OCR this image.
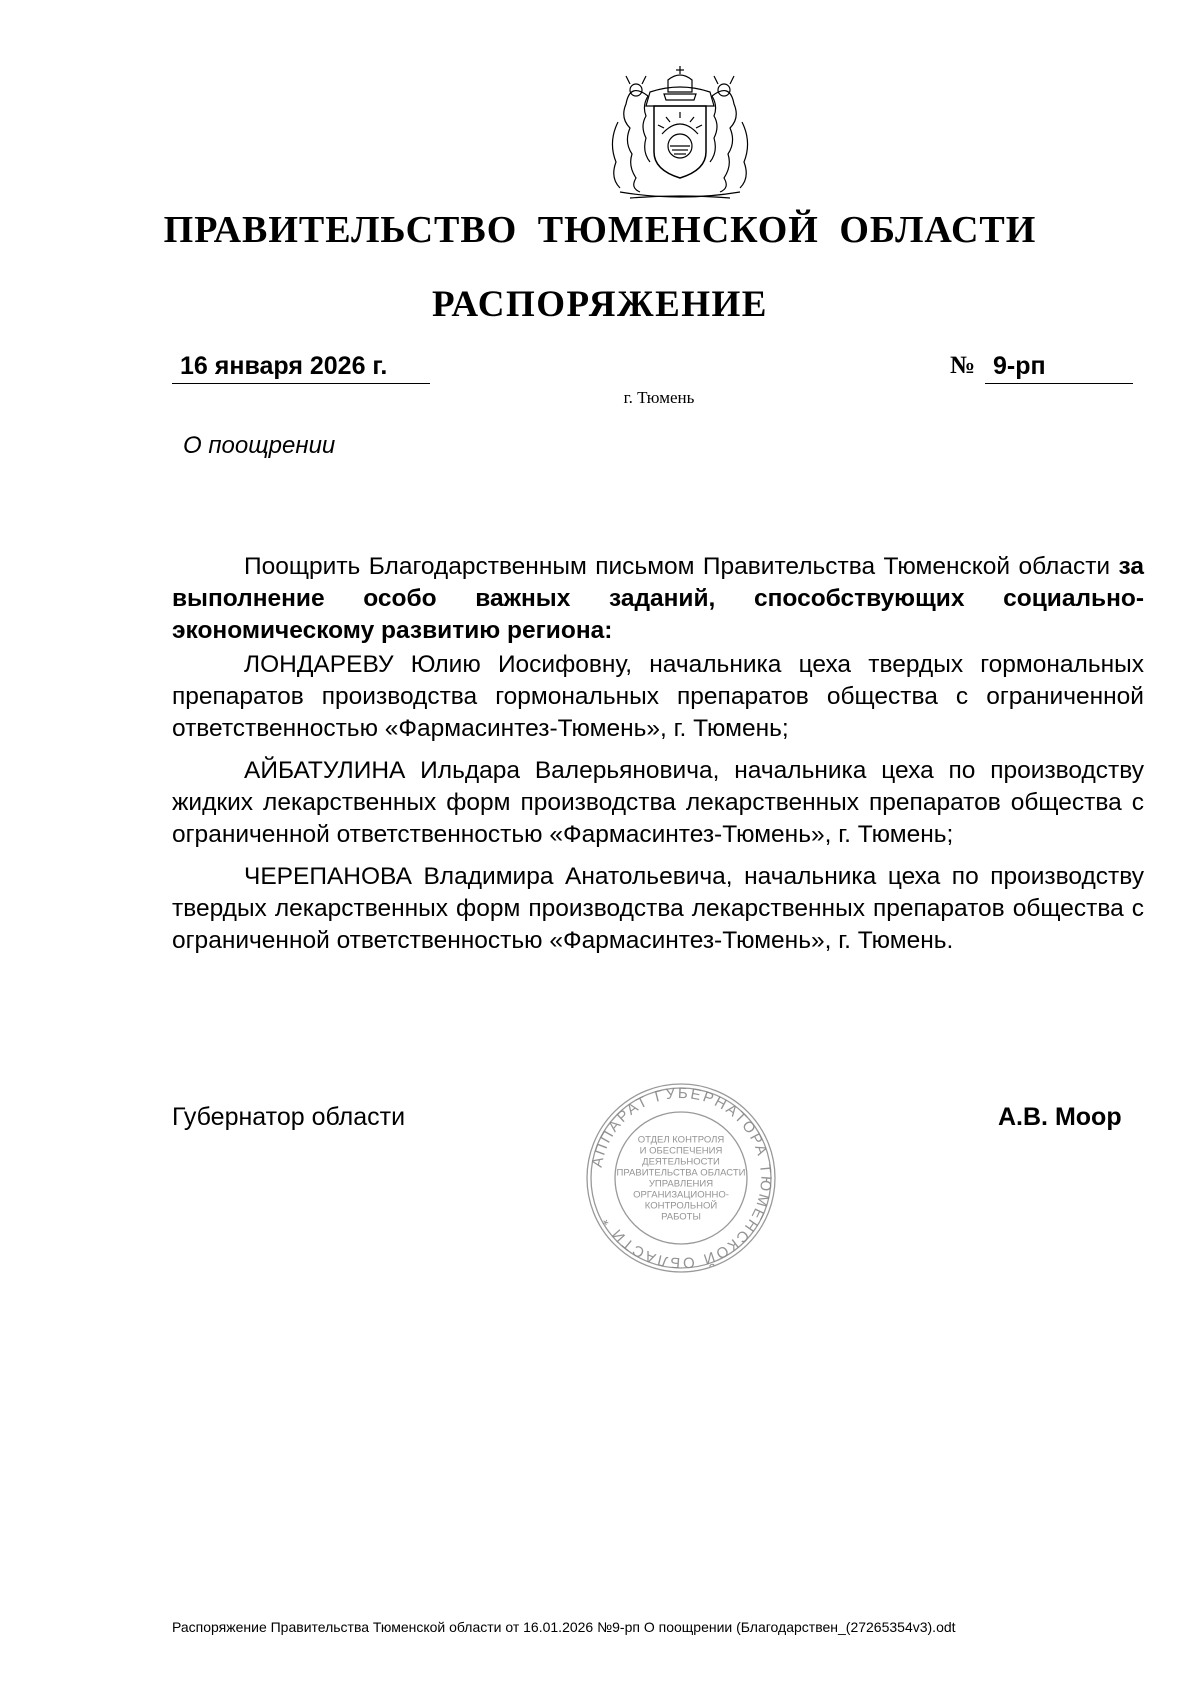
ПРАВИТЕЛЬСТВО ТЮМЕНСКОЙ ОБЛАСТИ
РАСПОРЯЖЕНИЕ
16 января 2026 г.	№ 9-рп
г. Тюмень
О поощрении

Поощрить Благодарственным письмом Правительства Тюменской области за выполнение особо важных заданий, способствующих социально-экономическому развитию региона:

ЛОНДАРЕВУ Юлию Иосифовну, начальника цеха твердых гормональных препаратов производства гормональных препаратов общества с ограниченной ответственностью «Фармасинтез-Тюмень», г. Тюмень;

АЙБАТУЛИНА Ильдара Валерьяновича, начальника цеха по производству жидких лекарственных форм производства лекарственных препаратов общества с ограниченной ответственностью «Фармасинтез-Тюмень», г. Тюмень;

ЧЕРЕПАНОВА Владимира Анатольевича, начальника цеха по производству твердых лекарственных форм производства лекарственных препаратов общества с ограниченной ответственностью «Фармасинтез-Тюмень», г. Тюмень.

Губернатор области
АППАРАТ ГУБЕРНАТОРА ТЮМЕНСКОЙ ОБЛАСТИ *
ОТДЕЛ КОНТРОЛЯ
И ОБЕСПЕЧЕНИЯ
ДЕЯТЕЛЬНОСТИ
ПРАВИТЕЛЬСТВА ОБЛАСТИ
УПРАВЛЕНИЯ
ОРГАНИЗАЦИОННО-
КОНТРОЛЬНОЙ
РАБОТЫ
А.В. Моор
Распоряжение Правительства Тюменской области от 16.01.2026 №9-рп О поощрении (Благодарствен_(27265354v3).odt
